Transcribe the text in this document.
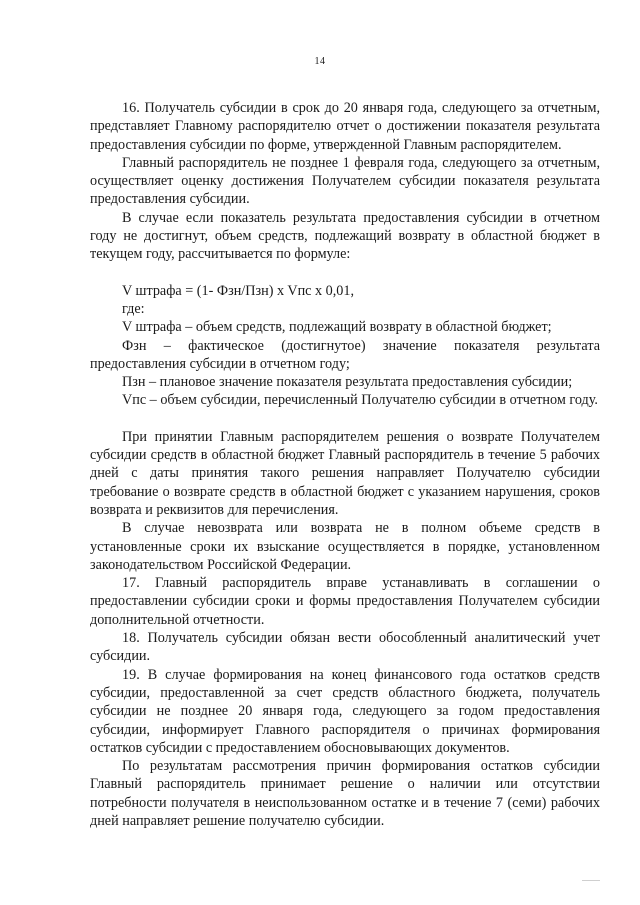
14

16. Получатель субсидии в срок до 20 января года, следующего за отчетным, представляет Главному распорядителю отчет о достижении показателя результата предоставления субсидии по форме, утвержденной Главным распорядителем.

Главный распорядитель не позднее 1 февраля года, следующего за отчетным, осуществляет оценку достижения Получателем субсидии показателя результата предоставления субсидии.

В случае если показатель результата предоставления субсидии в отчетном году не достигнут, объем средств, подлежащий возврату в областной бюджет в текущем году, рассчитывается по формуле:

V штрафа = (1- Фзн/Пзн) x Vпс x 0,01,

где:

V штрафа – объем средств, подлежащий возврату в областной бюджет;

Фзн – фактическое (достигнутое) значение показателя результата предоставления субсидии в отчетном году;

Пзн – плановое значение показателя результата предоставления субсидии;

Vпс – объем субсидии, перечисленный Получателю субсидии в отчетном году.

При принятии Главным распорядителем решения о возврате Получателем субсидии средств в областной бюджет Главный распорядитель в течение 5 рабочих дней с даты принятия такого решения направляет Получателю субсидии требование о возврате средств в областной бюджет с указанием нарушения, сроков возврата и реквизитов для перечисления.

В случае невозврата или возврата не в полном объеме средств в установленные сроки их взыскание осуществляется в порядке, установленном законодательством Российской Федерации.

17. Главный распорядитель вправе устанавливать в соглашении о предоставлении субсидии сроки и формы предоставления Получателем субсидии дополнительной отчетности.

18. Получатель субсидии обязан вести обособленный аналитический учет субсидии.

19. В случае формирования на конец финансового года остатков средств субсидии, предоставленной за счет средств областного бюджета, получатель субсидии не позднее 20 января года, следующего за годом предоставления субсидии, информирует Главного распорядителя о причинах формирования остатков субсидии с предоставлением обосновывающих документов.

По результатам рассмотрения причин формирования остатков субсидии Главный распорядитель принимает решение о наличии или отсутствии потребности получателя в неиспользованном остатке и в течение 7 (семи) рабочих дней направляет решение получателю субсидии.
